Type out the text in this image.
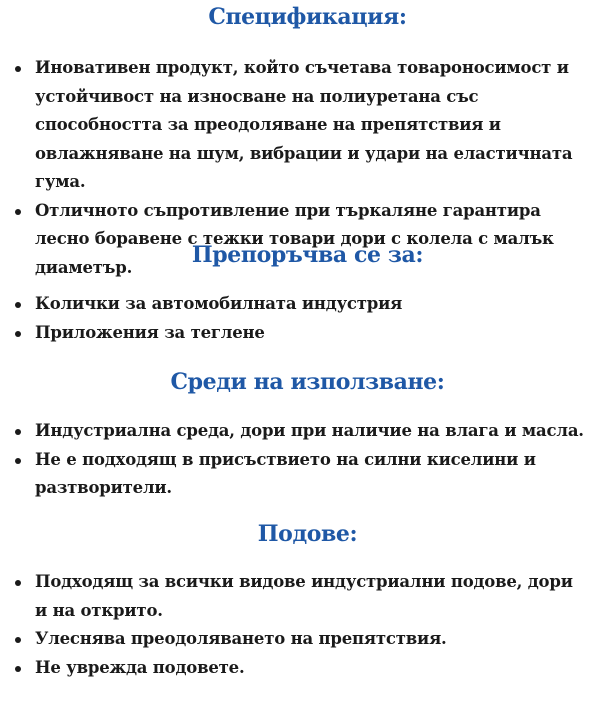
Спецификация:
Иновативен продукт, който съчетава товароносимост и устойчивост на износване на полиуретана със способността за преодоляване на препятствия и овлажняване на шум, вибрации и удари на еластичната гума.
Отличното съпротивление при търкаляне гарантира лесно боравене с тежки товари дори с колела с малък диаметър.	Препоръчва се за:
Колички за автомобилната индустрия
Приложения за теглене
Среди на използване:
Индустриална среда, дори при наличие на влага и масла.
Не е подходящ в присъствието на силни киселини и разтворители.
Подове:
Подходящ за всички видове индустриални подове, дори и на открито.
Улеснява преодоляването на препятствия.
Не уврежда подовете.
